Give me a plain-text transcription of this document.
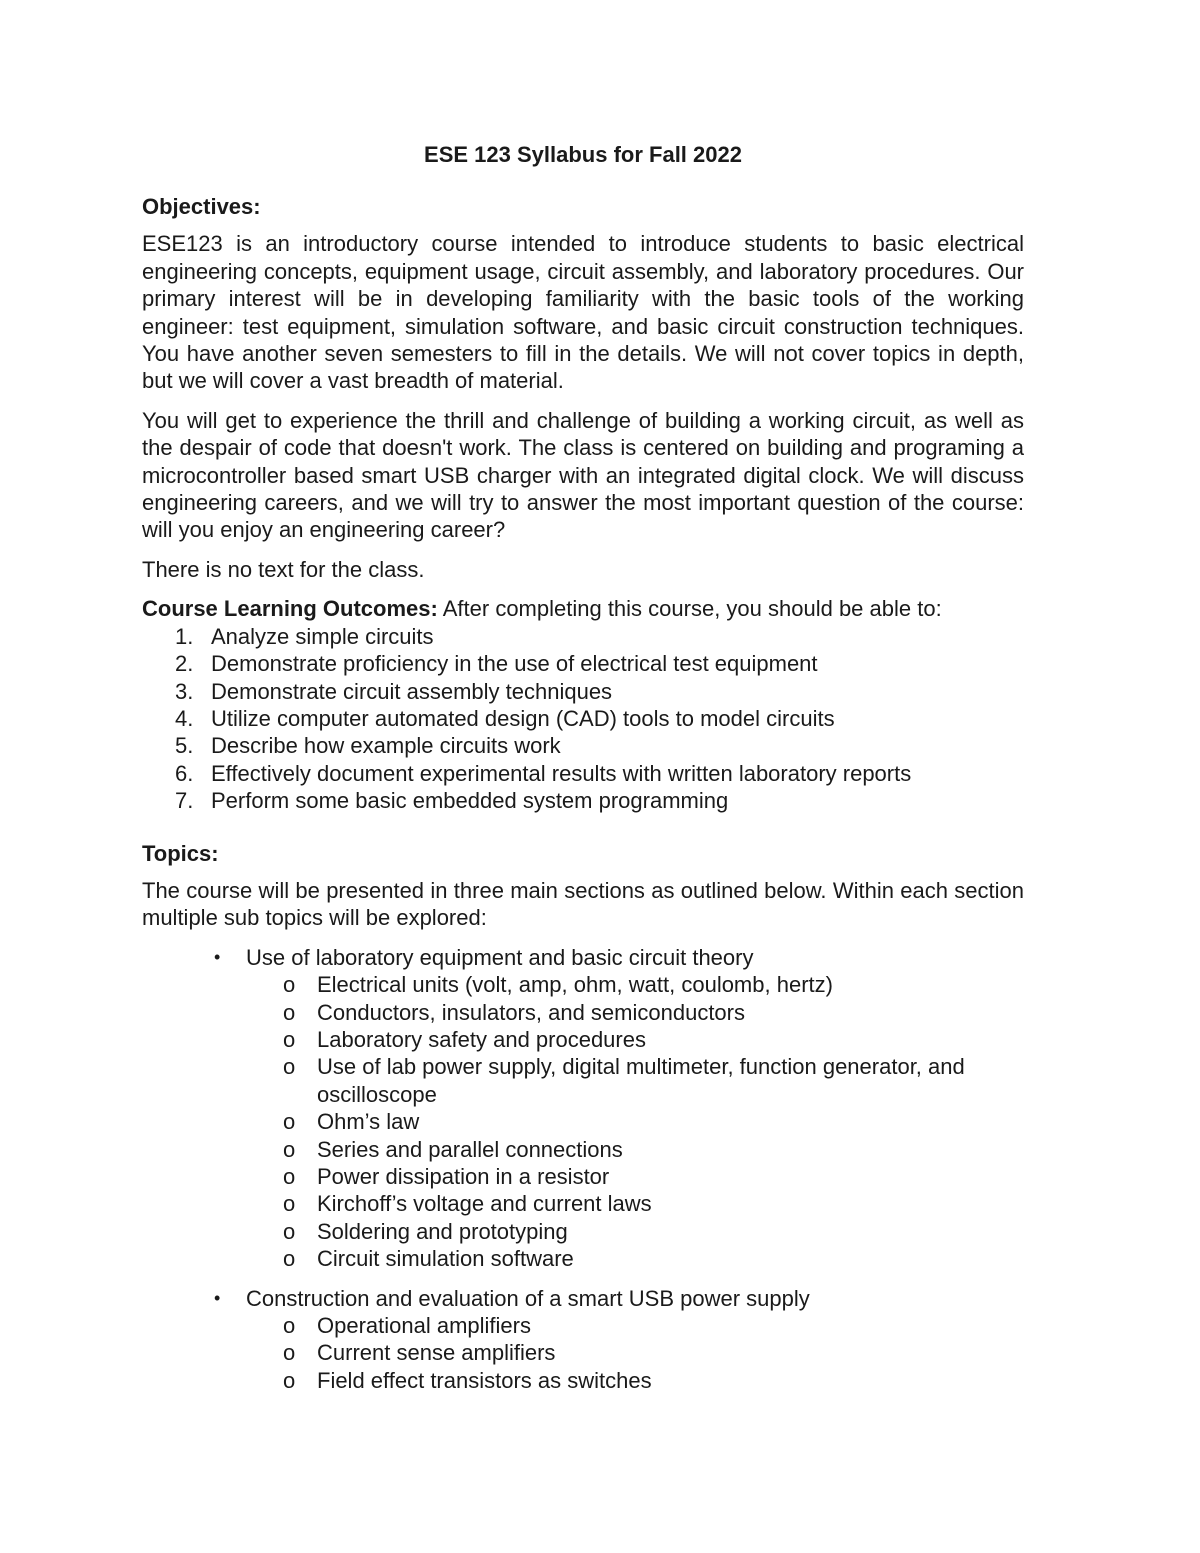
ESE 123 Syllabus for Fall 2022
Objectives:

ESE123 is an introductory course intended to introduce students to basic electrical engineering concepts, equipment usage, circuit assembly, and laboratory procedures. Our primary interest will be in developing familiarity with the basic tools of the working engineer: test equipment, simulation software, and basic circuit construction techniques. You have another seven semesters to fill in the details. We will not cover topics in depth, but we will cover a vast breadth of material.

You will get to experience the thrill and challenge of building a working circuit, as well as the despair of code that doesn't work. The class is centered on building and programing a microcontroller based smart USB charger with an integrated digital clock. We will discuss engineering careers, and we will try to answer the most important question of the course: will you enjoy an engineering career?

There is no text for the class.

Course Learning Outcomes: After completing this course, you should be able to:
1. Analyze simple circuits
2. Demonstrate proficiency in the use of electrical test equipment
3. Demonstrate circuit assembly techniques
4. Utilize computer automated design (CAD) tools to model circuits
5. Describe how example circuits work
6. Effectively document experimental results with written laboratory reports
7. Perform some basic embedded system programming
Topics:

The course will be presented in three main sections as outlined below. Within each section multiple sub topics will be explored:

• Use of laboratory equipment and basic circuit theory
o Electrical units (volt, amp, ohm, watt, coulomb, hertz)
o Conductors, insulators, and semiconductors
o Laboratory safety and procedures
o Use of lab power supply, digital multimeter, function generator, and oscilloscope
o Ohm’s law
o Series and parallel connections
o Power dissipation in a resistor
o Kirchoff’s voltage and current laws
o Soldering and prototyping
o Circuit simulation software
• Construction and evaluation of a smart USB power supply
o Operational amplifiers
o Current sense amplifiers
o Field effect transistors as switches
